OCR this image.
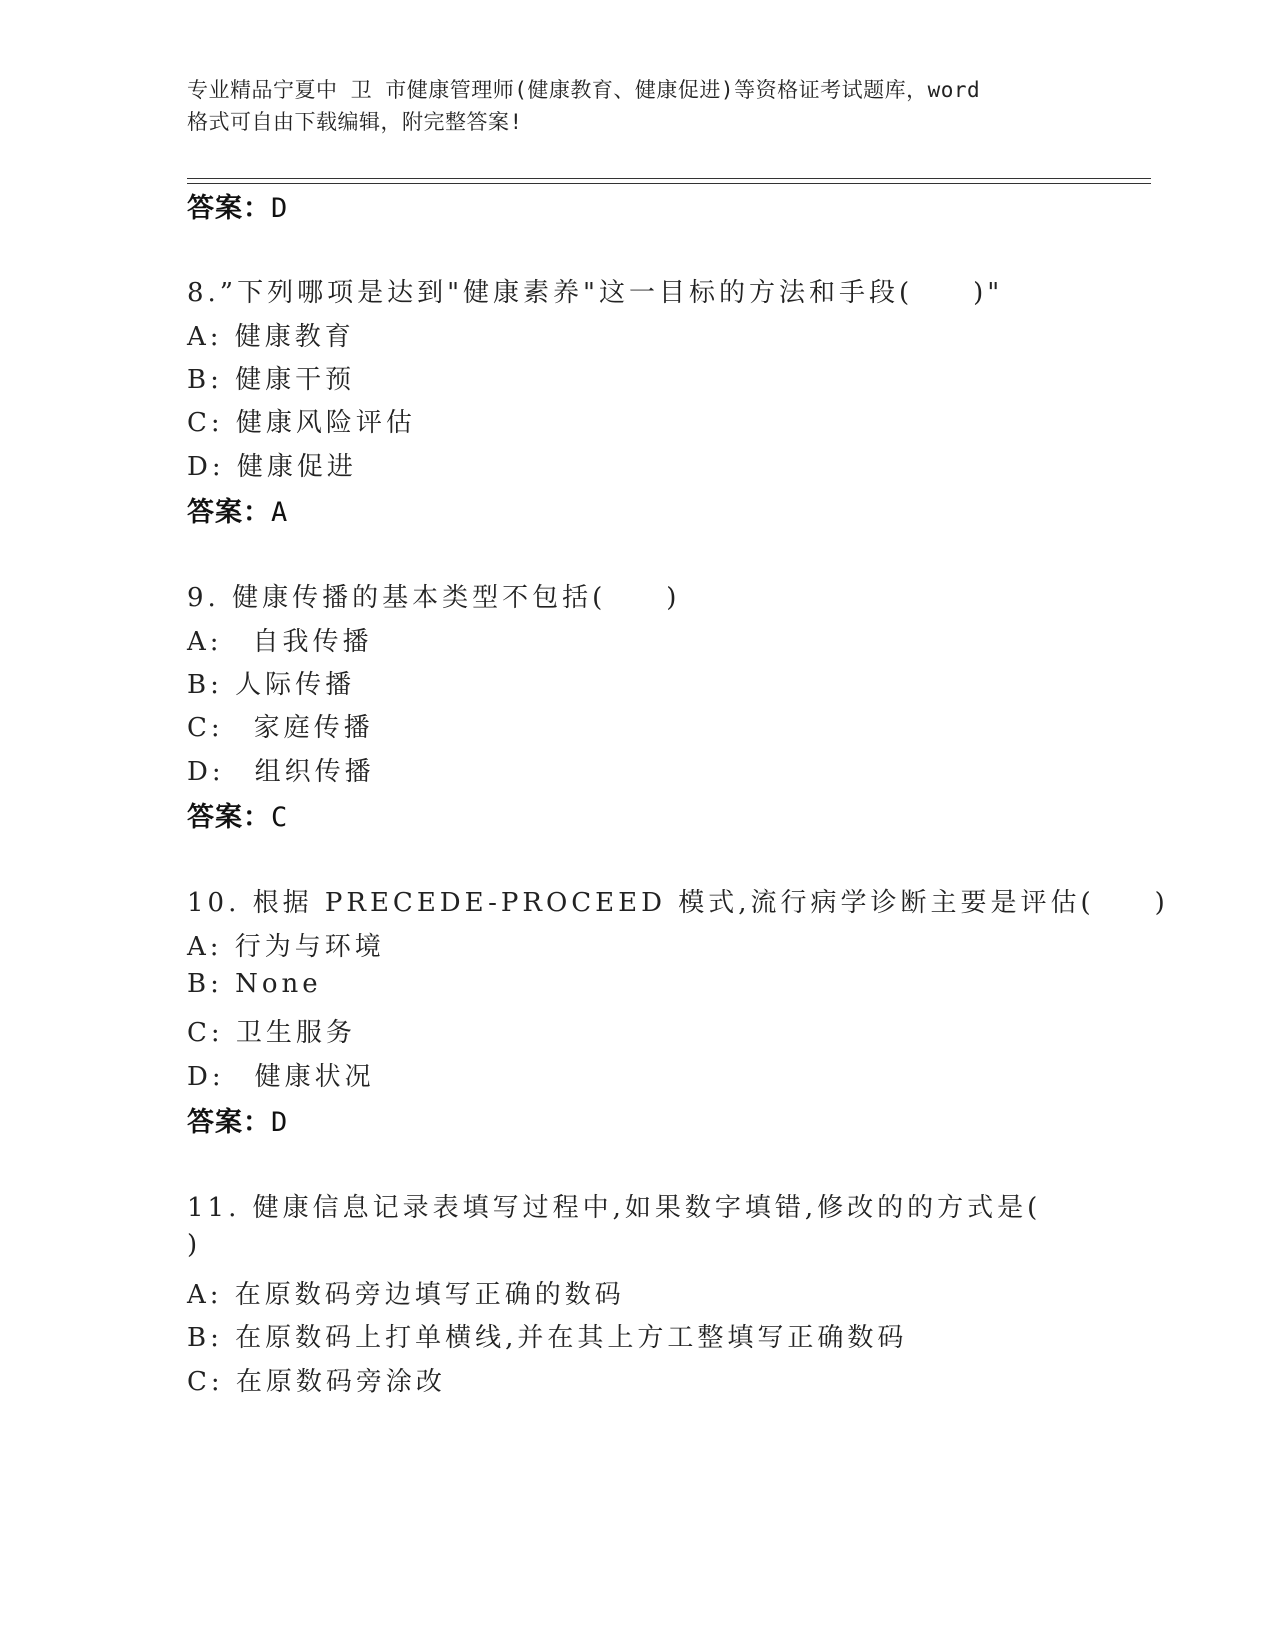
专业精品宁夏中 卫 市健康管理师(健康教育、健康促进)等资格证考试题库，word
格式可自由下载编辑，附完整答案!
答案：D
8.”下列哪项是达到"健康素养"这一目标的方法和手段(　　)"
A: 健康教育
B: 健康干预
C: 健康风险评估
D: 健康促进
答案：A
9. 健康传播的基本类型不包括(　　)
A:　自我传播
B: 人际传播
C:　家庭传播
D:　组织传播
答案：C
10. 根据 PRECEDE-PROCEED 模式,流行病学诊断主要是评估(　　)
A: 行为与环境
B: None
C: 卫生服务
D:　健康状况
答案：D
11. 健康信息记录表填写过程中,如果数字填错,修改的的方式是(
)
A: 在原数码旁边填写正确的数码
B: 在原数码上打单横线,并在其上方工整填写正确数码
C: 在原数码旁涂改
